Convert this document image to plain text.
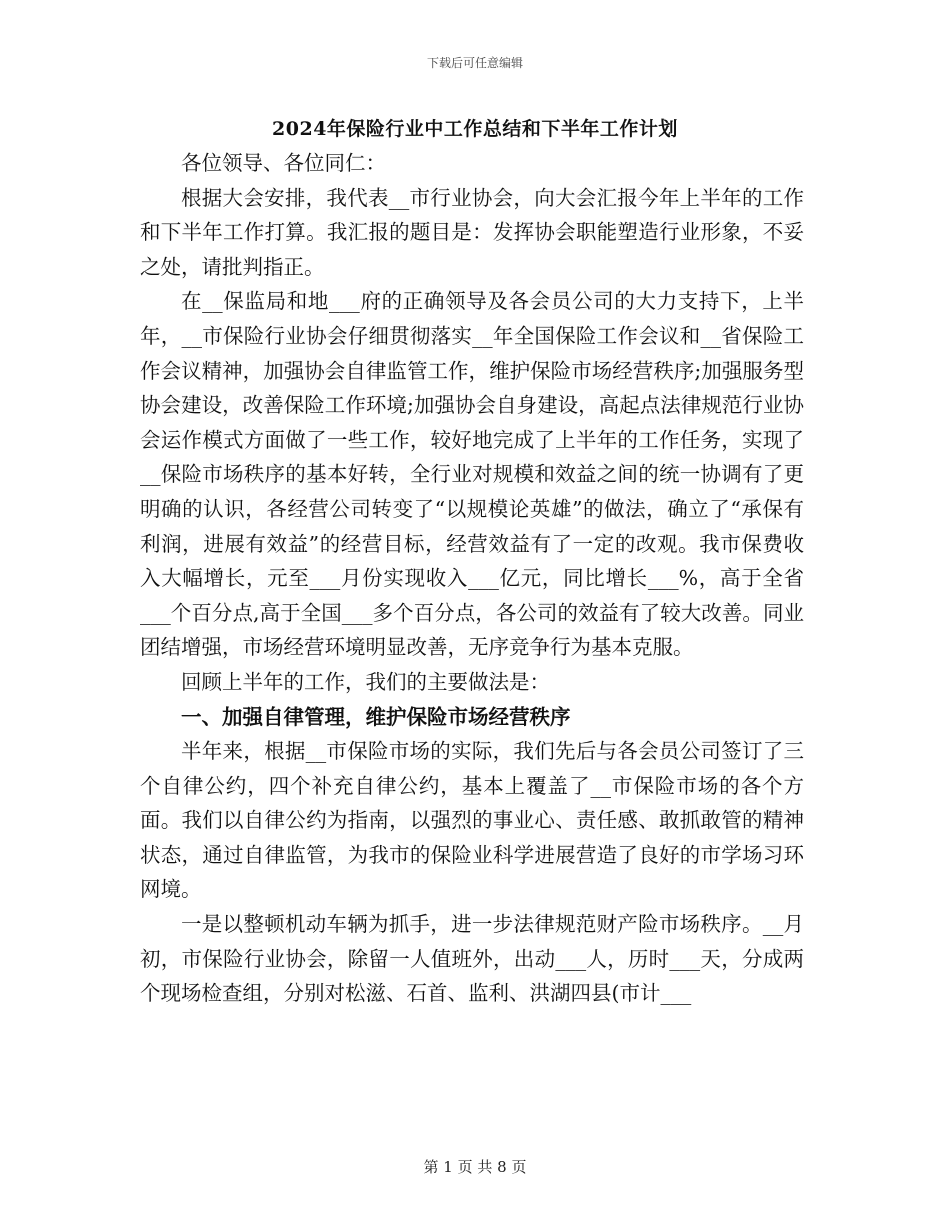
下载后可任意编辑
2024年保险行业中工作总结和下半年工作计划

各位领导、各位同仁：

根据大会安排，我代表__市行业协会，向大会汇报今年上半年的工作和下半年工作打算。我汇报的题目是：发挥协会职能塑造行业形象，不妥之处，请批判指正。

在__保监局和地___府的正确领导及各会员公司的大力支持下，上半年，__市保险行业协会仔细贯彻落实__年全国保险工作会议和__省保险工作会议精神，加强协会自律监管工作，维护保险市场经营秩序;加强服务型协会建设，改善保险工作环境;加强协会自身建设，高起点法律规范行业协会运作模式方面做了一些工作，较好地完成了上半年的工作任务，实现了__保险市场秩序的基本好转，全行业对规模和效益之间的统一协调有了更明确的认识，各经营公司转变了“以规模论英雄”的做法，确立了“承保有利润，进展有效益”的经营目标，经营效益有了一定的改观。我市保费收入大幅增长，元至___月份实现收入___亿元，同比增长___%，高于全省___个百分点,高于全国___多个百分点，各公司的效益有了较大改善。同业团结增强，市场经营环境明显改善，无序竞争行为基本克服。

回顾上半年的工作，我们的主要做法是：

一、加强自律管理，维护保险市场经营秩序

半年来，根据__市保险市场的实际，我们先后与各会员公司签订了三个自律公约，四个补充自律公约，基本上覆盖了__市保险市场的各个方面。我们以自律公约为指南，以强烈的事业心、责任感、敢抓敢管的精神状态，通过自律监管，为我市的保险业科学进展营造了良好的市学场习环网境。

一是以整顿机动车辆为抓手，进一步法律规范财产险市场秩序。__月初，市保险行业协会，除留一人值班外，出动___人，历时___天，分成两个现场检查组，分别对松滋、石首、监利、洪湖四县(市计___

第 1 页 共 8 页
